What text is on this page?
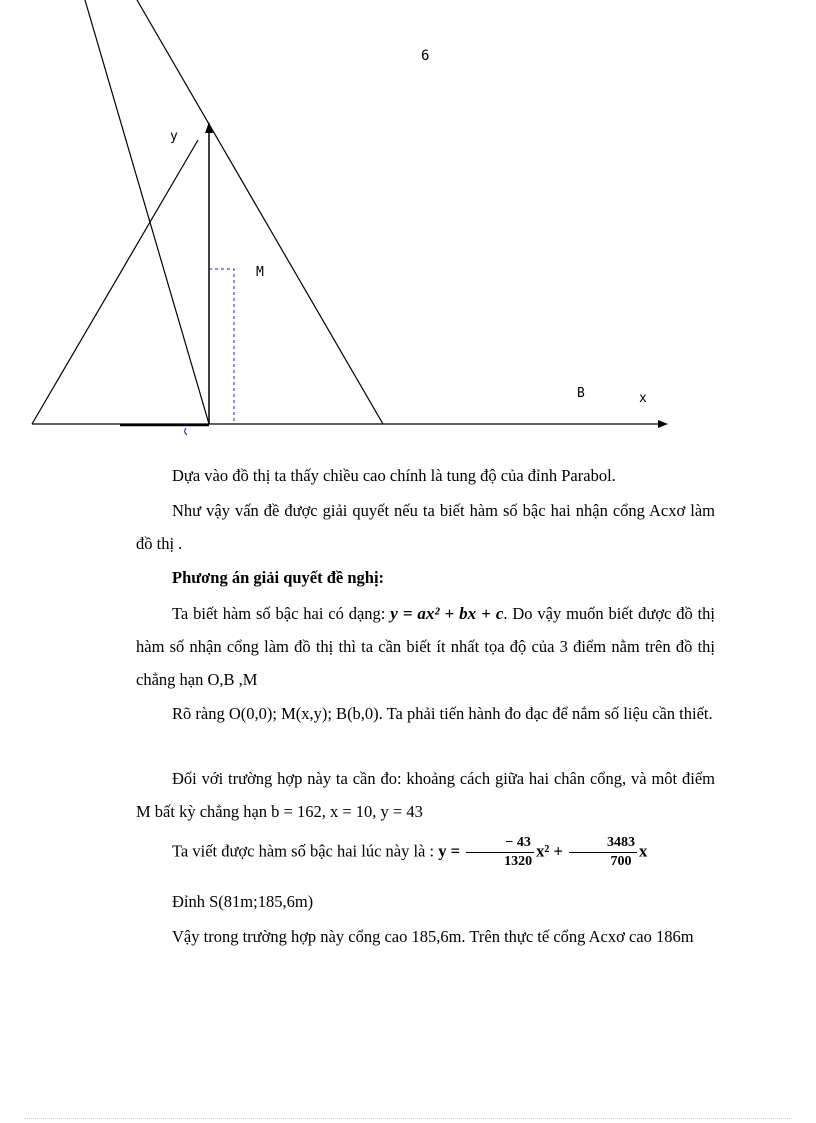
6
y
M
B	x

Dựa vào đồ thị ta thấy chiều cao chính là tung độ của đỉnh Parabol.

Như vậy vấn đề được giải quyết nếu ta biết hàm số bậc hai nhận cổng Acxơ làm đồ thị .

Phương án giải quyết đề nghị:

Ta biết hàm số bậc hai có dạng: y = ax² + bx + c. Do vậy muốn biết được đồ thị hàm số nhận cổng làm đồ thị thì ta cần biết ít nhất tọa độ của 3 điểm nằm trên đồ thị chẳng hạn O,B ,M

Rõ ràng O(0,0); M(x,y); B(b,0). Ta phải tiến hành đo đạc để nắm số liệu cần thiết.

Đối với trường hợp này ta cần đo: khoảng cách giữa hai chân cổng, và môt điểm M bất kỳ chẳng hạn b = 162, x = 10, y = 43

Ta viết được hàm số bậc hai lúc này là : $y = \frac{- 43}{1320} x^2 + \frac{3483}{700}$ x

Đỉnh S(81m;185,6m)

Vậy trong trường hợp này cổng cao 185,6m. Trên thực tế cổng Acxơ cao 186m
